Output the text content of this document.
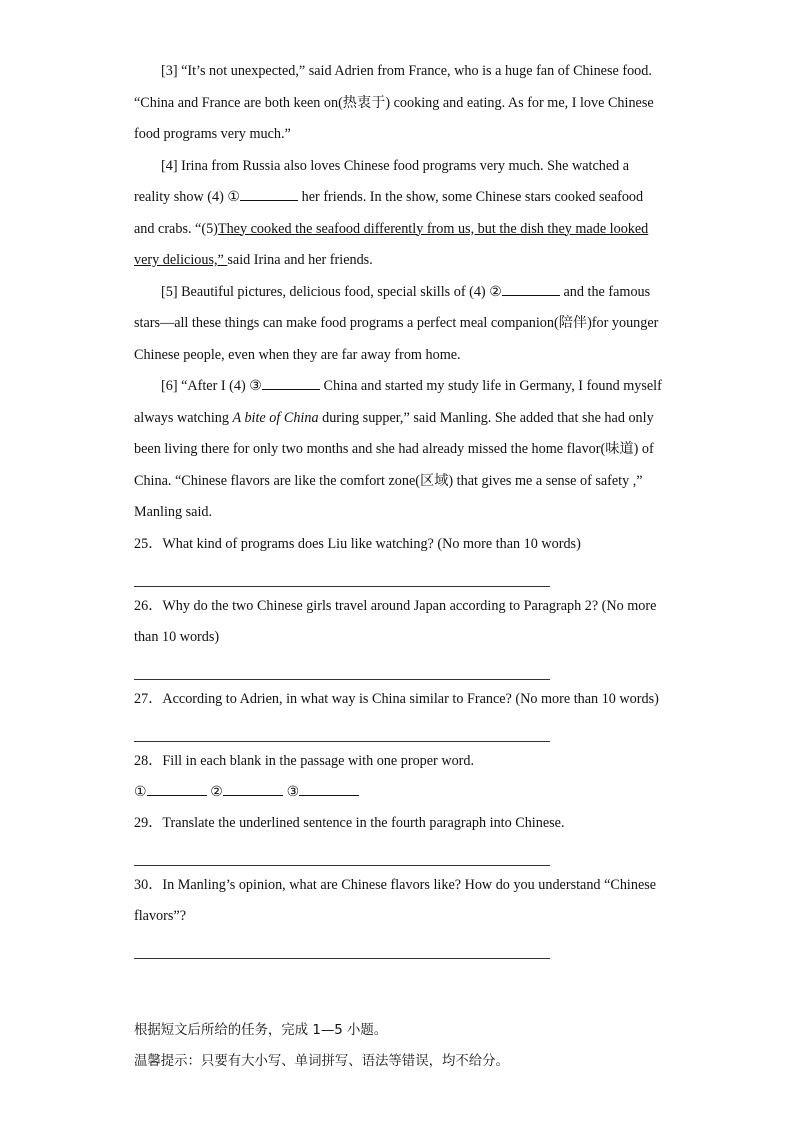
[3] “It’s not unexpected,” said Adrien from France, who is a huge fan of Chinese food. “China and France are both keen on(热衷于) cooking and eating. As for me, I love Chinese food programs very much.”

[4] Irina from Russia also loves Chinese food programs very much. She watched a reality show (4) ①	her friends. In the show, some Chinese stars cooked seafood and crabs. “(5)They cooked the seafood differently from us, but the dish they made looked very delicious,” said Irina and her friends.

[5] Beautiful pictures, delicious food, special skills of (4) ②	and the famous stars—all these things can make food programs a perfect meal companion(陪伴)for younger Chinese people, even when they are far away from home.

[6] “After I (4) ③	China and started my study life in Germany, I found myself always watching A bite of China during supper,” said Manling. She added that she had only been living there for only two months and she had already missed the home flavor(味道) of China. “Chinese flavors are like the comfort zone(区域) that gives me a sense of safety ,” Manling said.

25．What kind of programs does Liu like watching? (No more than 10 words)

26．Why do the two Chinese girls travel around Japan according to Paragraph 2? (No more than 10 words)

27．According to Adrien, in what way is China similar to France? (No more than 10 words)

28．Fill in each blank in the passage with one proper word.

①	②	③

29．Translate the underlined sentence in the fourth paragraph into Chinese.

30．In Manling’s opinion, what are Chinese flavors like? How do you understand “Chinese flavors”?

根据短文后所给的任务，完成 1—5 小题。

温馨提示：只要有大小写、单词拼写、语法等错误，均不给分。
